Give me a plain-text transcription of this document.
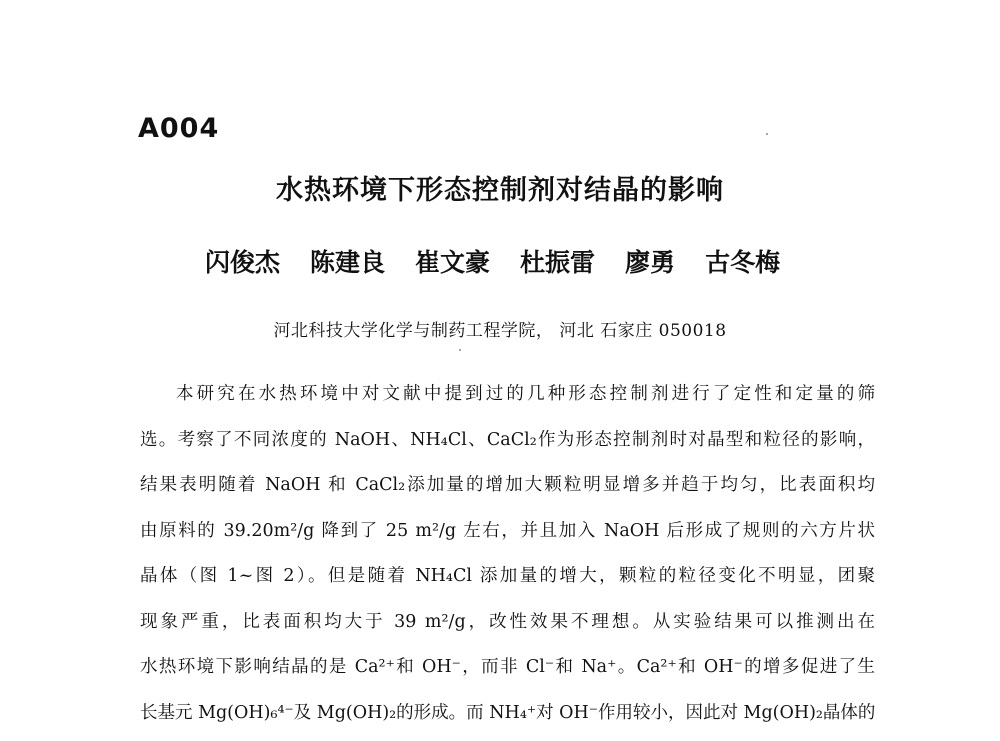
A004
水热环境下形态控制剂对结晶的影响
闪俊杰 陈建良 崔文豪 杜振雷 廖勇 古冬梅
河北科技大学化学与制药工程学院， 河北 石家庄 050018
本研究在水热环境中对文献中提到过的几种形态控制剂进行了定性和定量的筛
选。考察了不同浓度的 NaOH、NH₄Cl、CaCl₂作为形态控制剂时对晶型和粒径的影响，
结果表明随着 NaOH 和 CaCl₂添加量的增加大颗粒明显增多并趋于均匀，比表面积均
由原料的 39.20m²/g 降到了 25 m²/g 左右，并且加入 NaOH 后形成了规则的六方片状
晶体（图 1~图 2）。但是随着 NH₄Cl 添加量的增大，颗粒的粒径变化不明显，团聚
现象严重，比表面积均大于 39 m²/g，改性效果不理想。从实验结果可以推测出在
水热环境下影响结晶的是 Ca²⁺和 OH⁻，而非 Cl⁻和 Na⁺。Ca²⁺和 OH⁻的增多促进了生
长基元 Mg(OH)₆⁴⁻及 Mg(OH)₂的形成。而 NH₄⁺对 OH⁻作用较小，因此对 Mg(OH)₂晶体的
